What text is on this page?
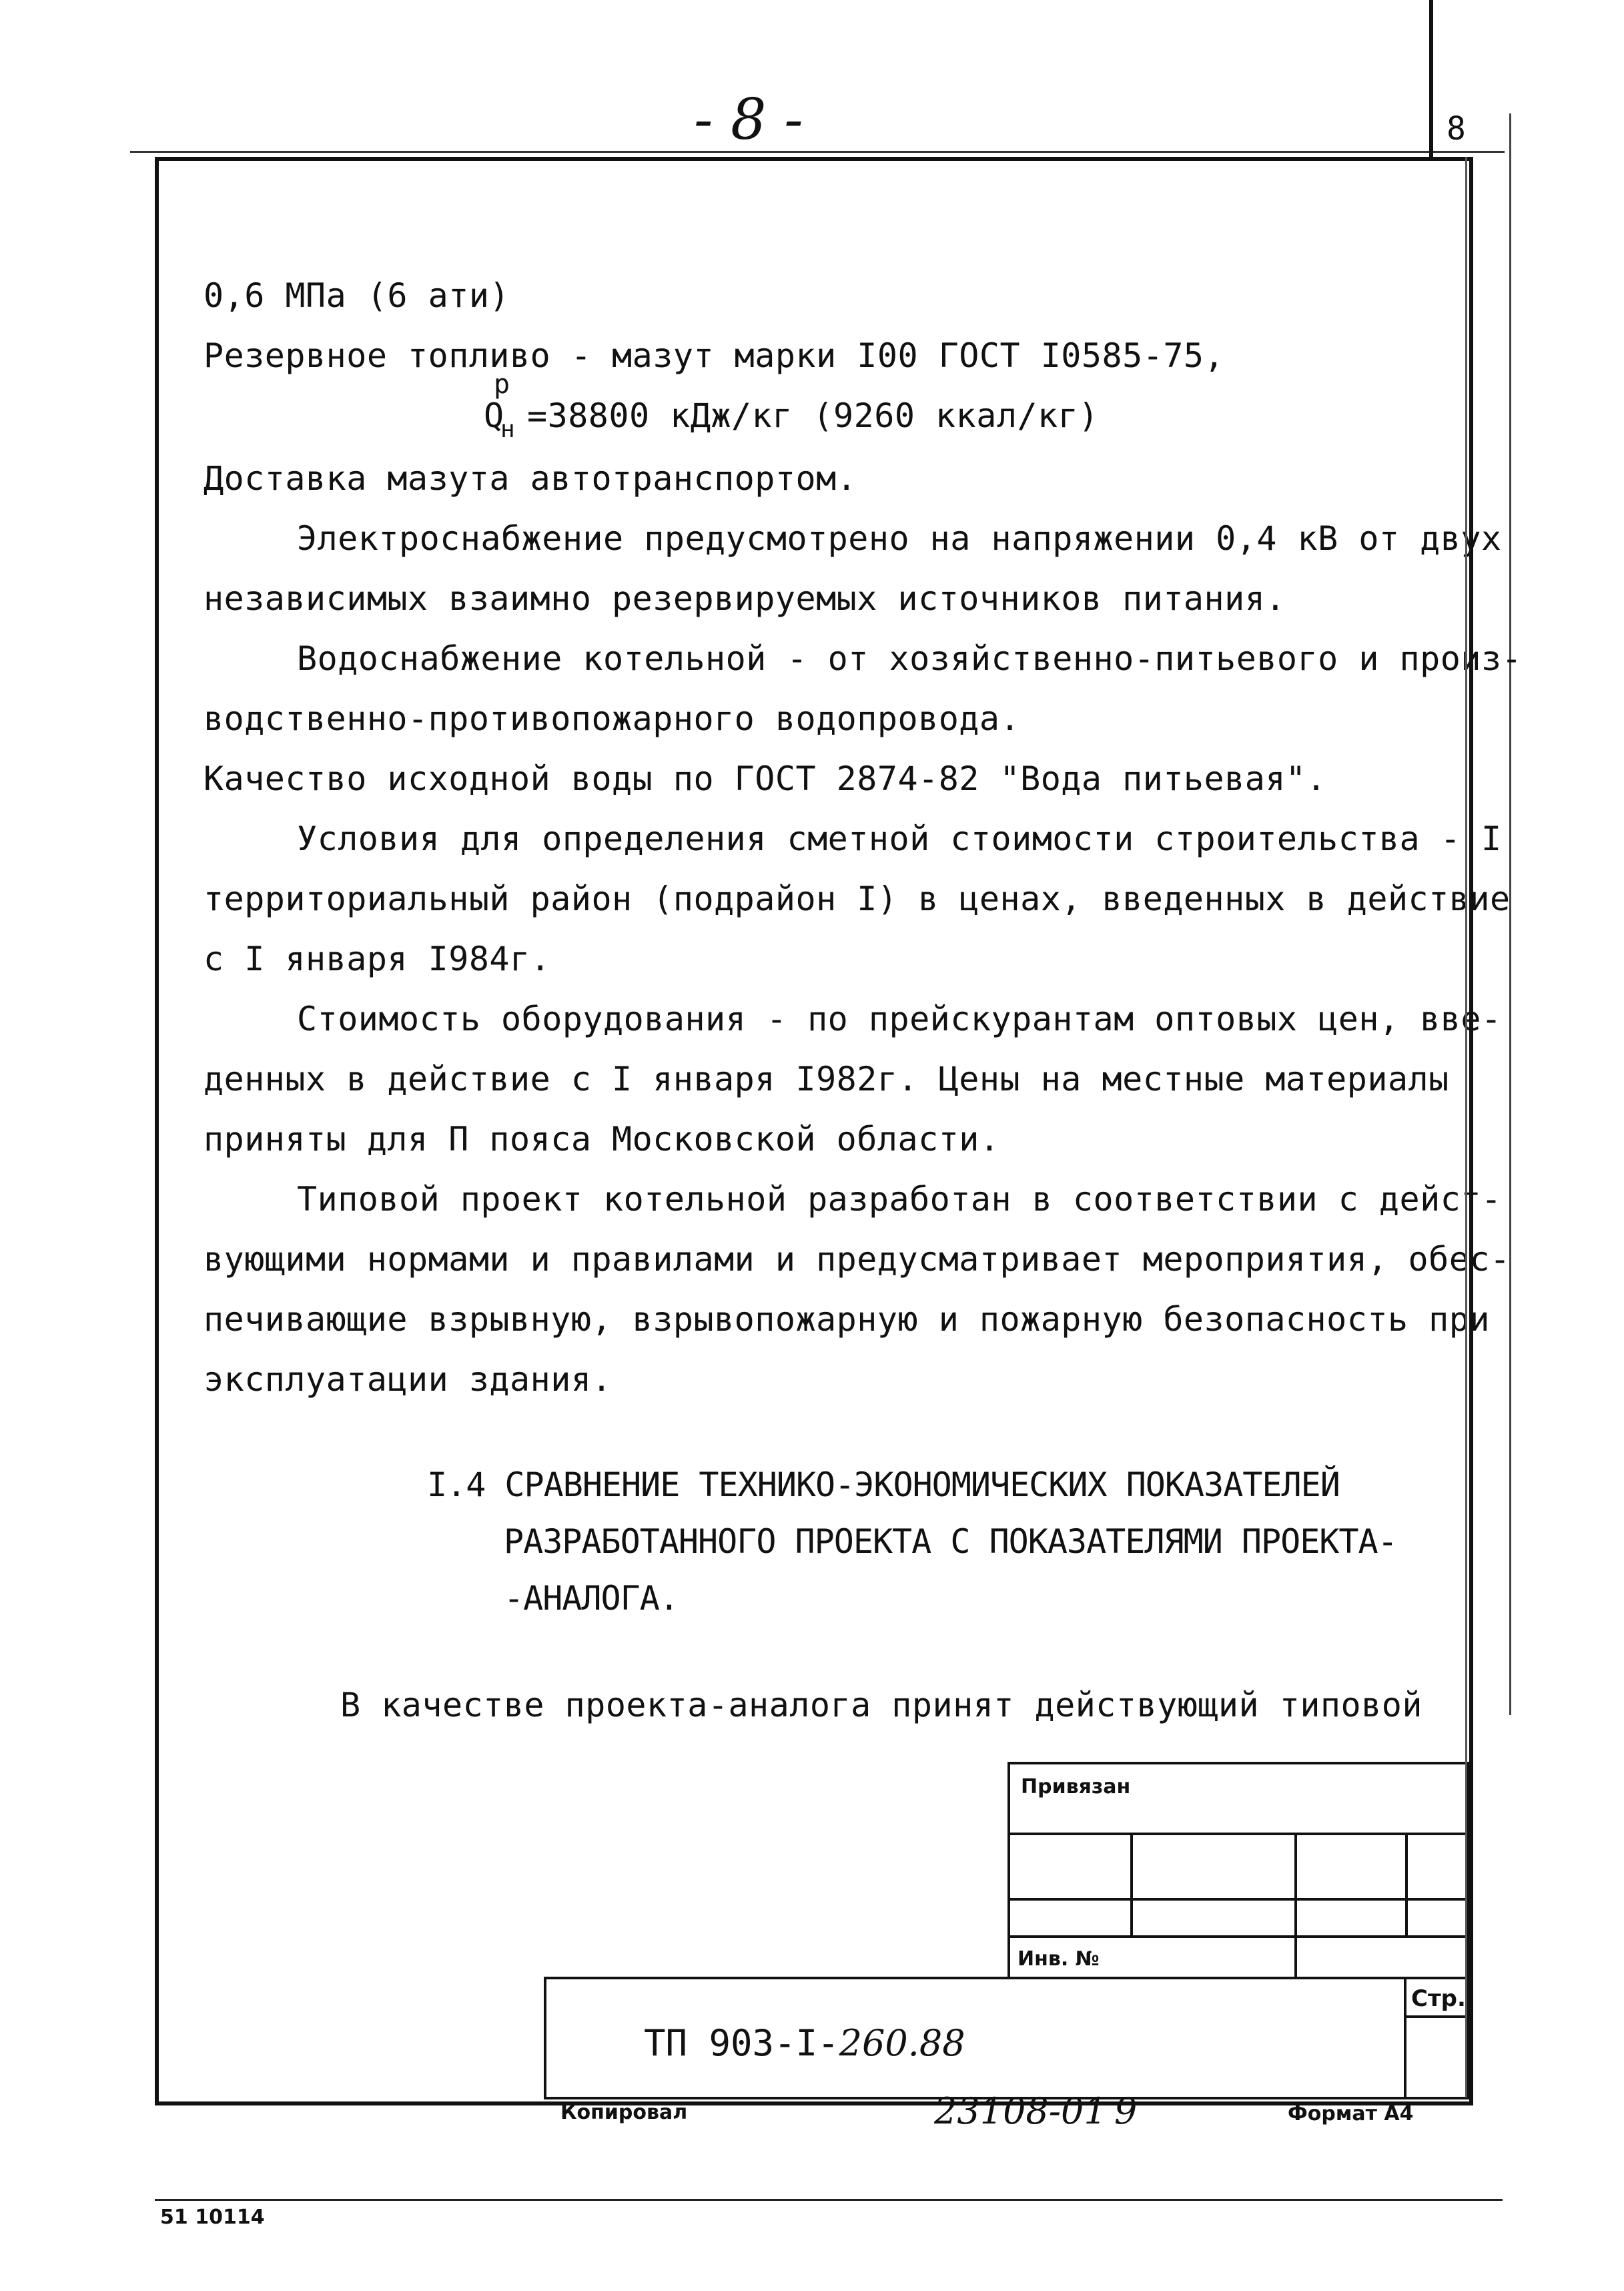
- 8 -	8
0,6 МПа (6 ати)
Резервное топливо - мазут марки I00 ГОСТ I0585-75,
р
Q
н =38800 кДж/кг (9260 ккал/кг)
Доставка мазута автотранспортом.
Электроснабжение предусмотрено на напряжении 0,4 кВ от двух
независимых взаимно резервируемых источников питания.
Водоснабжение котельной - от хозяйственно-питьевого и произ-
водственно-противопожарного водопровода.
Качество исходной воды по ГОСТ 2874-82 "Вода питьевая".
Условия для определения сметной стоимости строительства - I
территориальный район (подрайон I) в ценах, введенных в действие
с I января I984г.
Стоимость оборудования - по прейскурантам оптовых цен, вве-
денных в действие с I января I982г. Цены на местные материалы
приняты для П пояса Московской области.
Типовой проект котельной разработан в соответствии с дейст-
вующими нормами и правилами и предусматривает мероприятия, обес-
печивающие взрывную, взрывопожарную и пожарную безопасность при
эксплуатации здания.
I.4 СРАВНЕНИЕ ТЕХНИКО-ЭКОНОМИЧЕСКИХ ПОКАЗАТЕЛЕЙ
РАЗРАБОТАННОГО ПРОЕКТА С ПОКАЗАТЕЛЯМИ ПРОЕКТА-
-АНАЛОГА.
В качестве проекта-аналога принят действующий типовой
Привязан
Инв. №
Стр.
ТП 903-I-260.88
Копировал	23108-01 9	Формат А4
51 10114
